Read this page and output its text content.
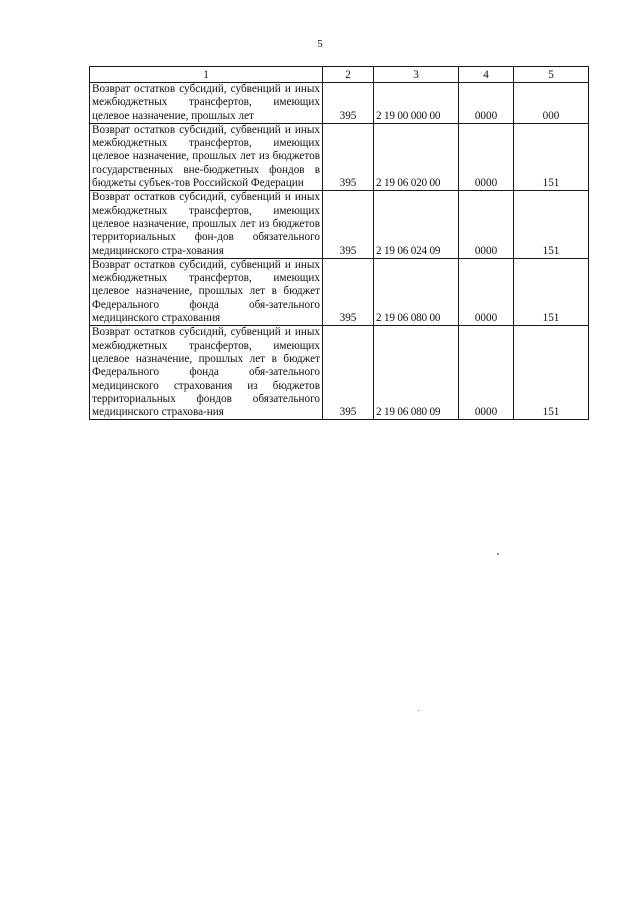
5
1	2	3	4	5
Возврат остатков субсидий, субвенций и иных межбюджетных трансфертов, имеющих целевое назначение, прошлых лет	395	2 19 00 000 00	0000	000
Возврат остатков субсидий, субвенций и иных межбюджетных трансфертов, имеющих целевое назначение, прошлых лет из бюджетов государственных вне-бюджетных фондов в бюджеты субъек-тов Российской Федерации	395	2 19 06 020 00	0000	151
Возврат остатков субсидий, субвенций и иных межбюджетных трансфертов, имеющих целевое назначение, прошлых лет из бюджетов территориальных фон-дов обязательного медицинского стра-хования	395	2 19 06 024 09	0000	151
Возврат остатков субсидий, субвенций и иных межбюджетных трансфертов, имеющих целевое назначение, прошлых лет в бюджет Федерального фонда обя-зательного медицинского страхования	395	2 19 06 080 00	0000	151
Возврат остатков субсидий, субвенций и иных межбюджетных трансфертов, имеющих целевое назначение, прошлых лет в бюджет Федерального фонда обя-зательного медицинского страхования из бюджетов территориальных фондов обязательного медицинского страхова-ния	395	2 19 06 080 09	0000	151
